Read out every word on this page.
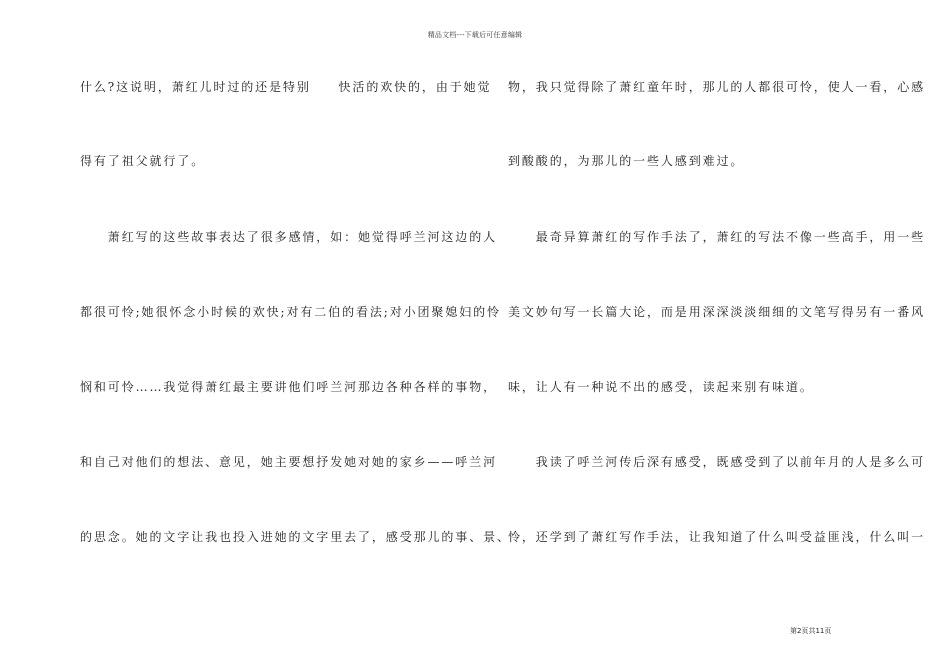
精品文档---下载后可任意编辑
什么?这说明，萧红儿时过的还是特别　　快活的欢快的，由于她觉
得有了祖父就行了。
　　萧红写的这些故事表达了很多感情，如：她觉得呼兰河这边的人
都很可怜;她很怀念小时候的欢快;对有二伯的看法;对小团聚媳妇的怜
悯和可怜……我觉得萧红最主要讲他们呼兰河那边各种各样的事物，
和自己对他们的想法、意见，她主要想抒发她对她的家乡——呼兰河
的思念。她的文字让我也投入进她的文字里去了，感受那儿的事、景、
物，我只觉得除了萧红童年时，那儿的人都很可怜，使人一看，心感
到酸酸的，为那儿的一些人感到难过。
　　最奇异算萧红的写作手法了，萧红的写法不像一些高手，用一些
美文妙句写一长篇大论，而是用深深淡淡细细的文笔写得另有一番风
味，让人有一种说不出的感受，读起来别有味道。
　　我读了呼兰河传后深有感受，既感受到了以前年月的人是多么可
怜，还学到了萧红写作手法，让我知道了什么叫受益匪浅，什么叫一
第2页共11页
